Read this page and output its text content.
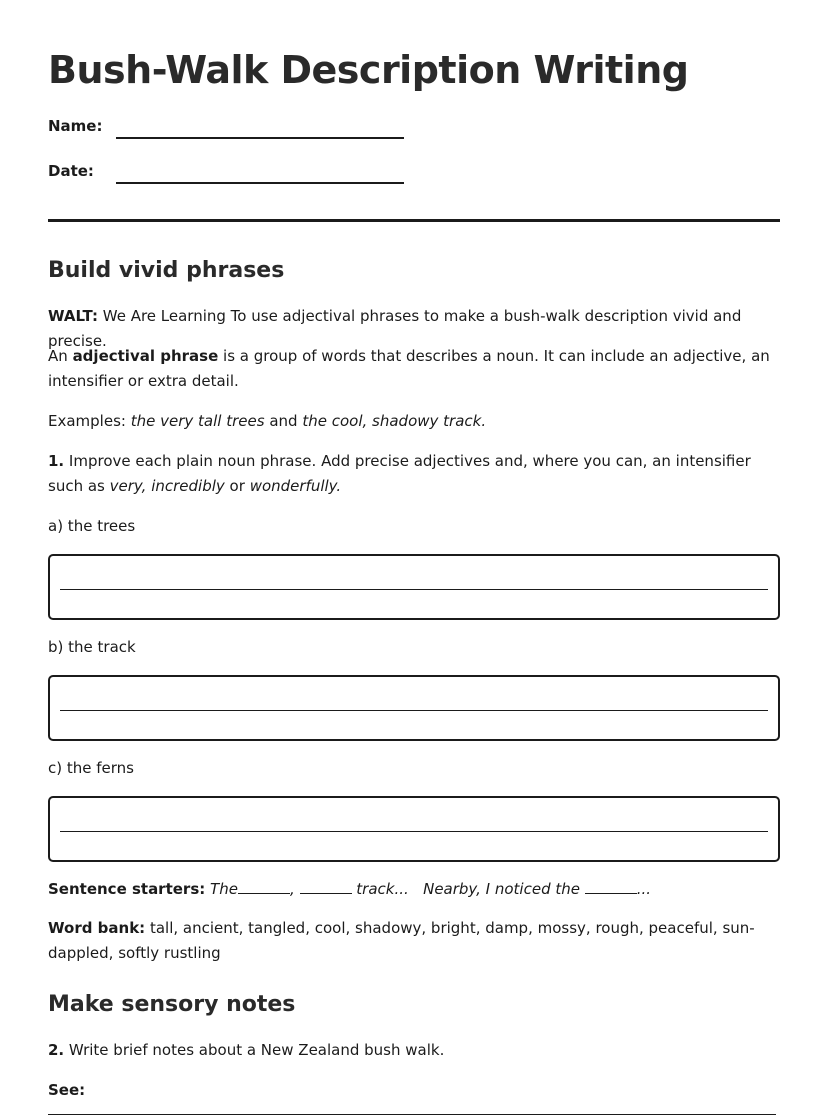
Bush-Walk Description Writing
Name:
Date:
Build vivid phrases
WALT: We Are Learning To use adjectival phrases to make a bush-walk description vivid and precise.
An adjectival phrase is a group of words that describes a noun. It can include an adjective, an intensifier or extra detail.
Examples: the very tall trees and the cool, shadowy track.
1. Improve each plain noun phrase. Add precise adjectives and, where you can, an intensifier such as very, incredibly or wonderfully.
a) the trees
b) the track
c) the ferns
Sentence starters: The	,	track... Nearby, I noticed the	...
Word bank: tall, ancient, tangled, cool, shadowy, bright, damp, mossy, rough, peaceful, sun-dappled, softly rustling
Make sensory notes
2. Write brief notes about a New Zealand bush walk.
See:
